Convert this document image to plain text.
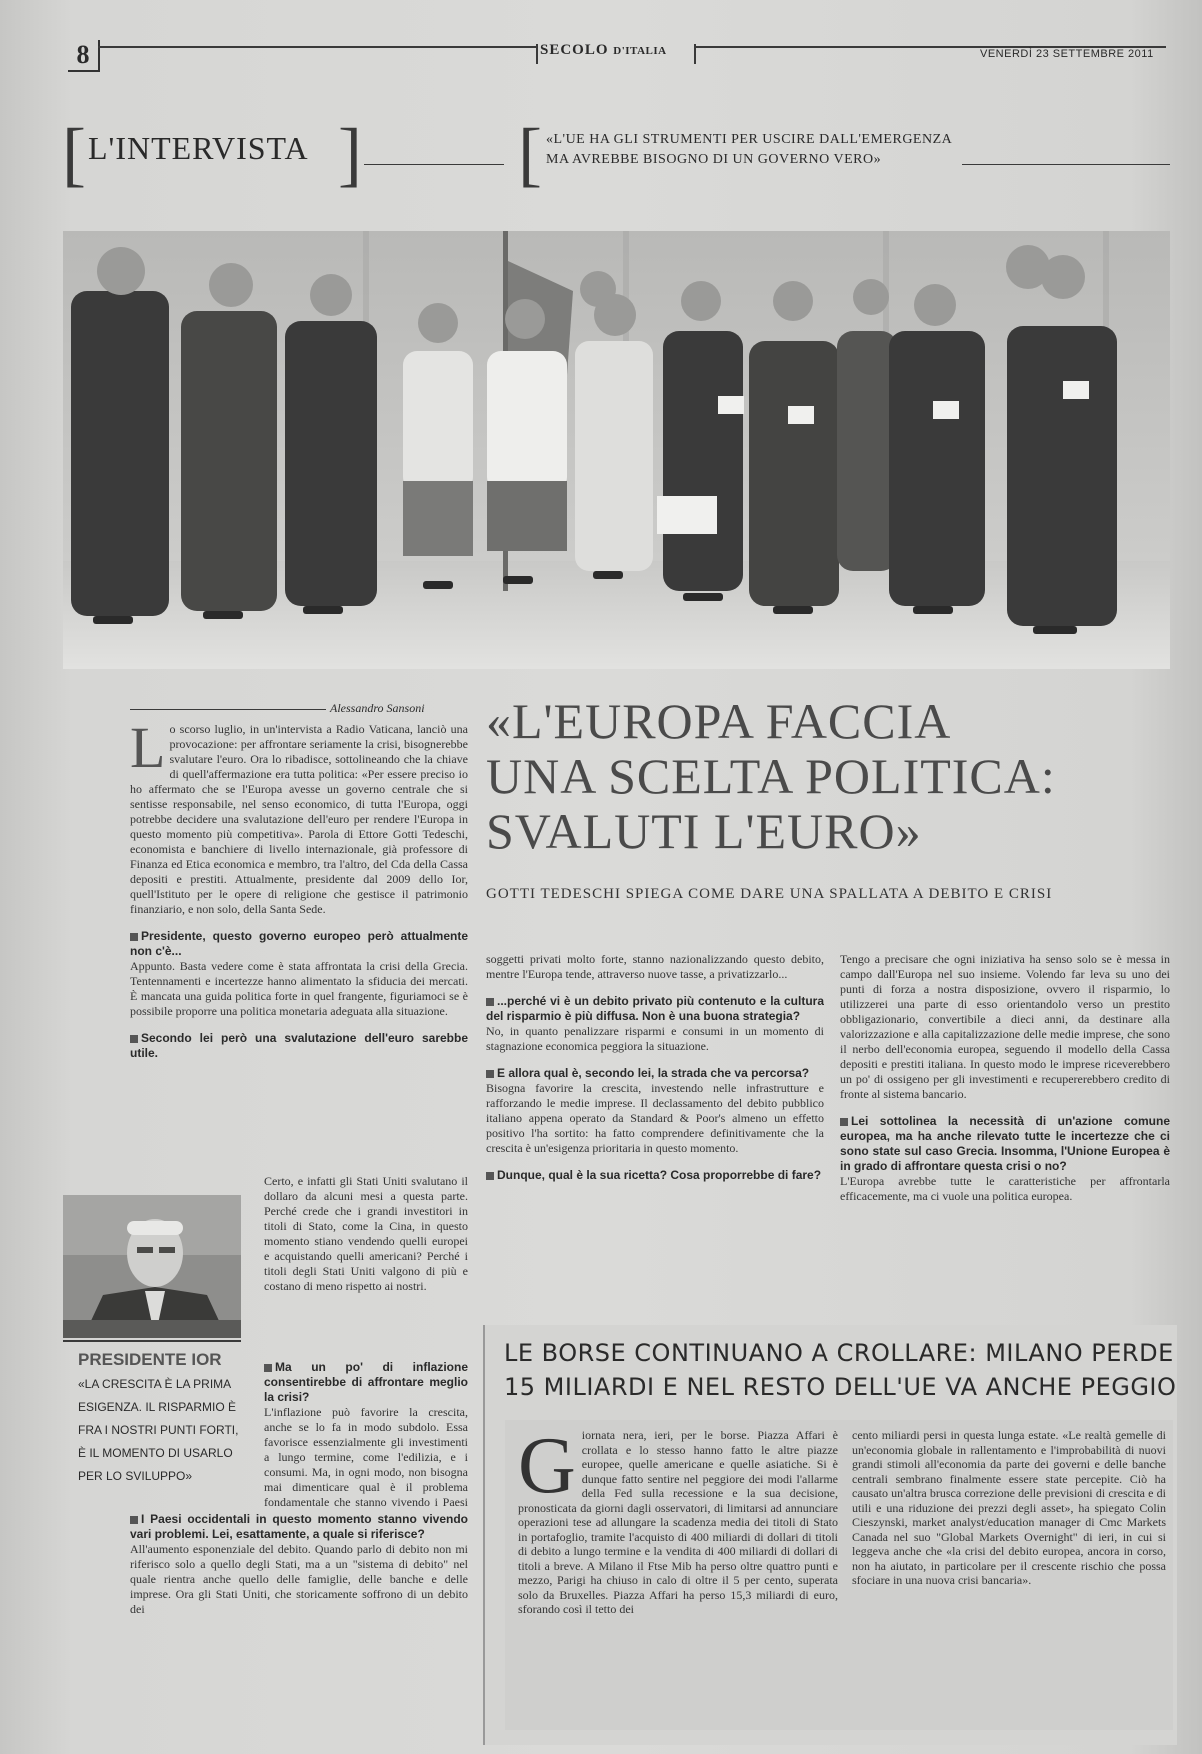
8	SECOLO D'ITALIA	VENERDÌ 23 SETTEMBRE 2011
[ L'INTERVISTA ] [ «L'UE HA GLI STRUMENTI PER USCIRE DALL'EMERGENZA
MA AVREBBE BISOGNO DI UN GOVERNO VERO»
Alessandro Sansoni «L'EUROPA FACCIA
UNA SCELTA POLITICA:
SVALUTI L'EURO»
GOTTI TEDESCHI SPIEGA COME DARE UNA SPALLATA A DEBITO E CRISI
L o scorso luglio, in un'intervista a Radio Vaticana, lanciò una provocazione: per affrontare seriamente la crisi, bisognerebbe svalutare l'euro. Ora lo ribadisce, sottolineando che la chiave di quell'affermazione era tutta politica: «Per essere preciso io ho affermato che se l'Europa avesse un governo centrale che si sentisse responsabile, nel senso economico, di tutta l'Europa, oggi potrebbe decidere una svalutazione dell'euro per rendere l'Europa in questo momento più competitiva». Parola di Ettore Gotti Tedeschi, economista e banchiere di livello internazionale, già professore di Finanza ed Etica economica e membro, tra l'altro, del Cda della Cassa depositi e prestiti. Attualmente, presidente dal 2009 dello Ior, quell'Istituto per le opere di religione che gestisce il patrimonio finanziario, e non solo, della Santa Sede.
Presidente, questo governo europeo però attualmente non c'è...
Appunto. Basta vedere come è stata affrontata la crisi della Grecia. Tentennamenti e incertezze hanno alimentato la sfiducia dei mercati. È mancata una guida politica forte in quel frangente, figuriamoci se è possibile proporre una politica monetaria adeguata alla situazione.
Secondo lei però una svalutazione dell'euro sarebbe utile.
Certo, e infatti gli Stati Uniti svalutano il dollaro da alcuni mesi a questa parte. Perché crede che i grandi investitori in titoli di Stato, come la Cina, in questo momento stiano vendendo quelli europei e acquistando quelli americani? Perché i titoli degli Stati Uniti valgono di più e costano di meno rispetto ai nostri.
Ma un po' di inflazione consentirebbe di affrontare meglio la crisi?
L'inflazione può favorire la crescita, anche se lo fa in modo subdolo. Essa favorisce essenzialmente gli investimenti a lungo termine, come l'edilizia, e i consumi. Ma, in ogni modo, non bisogna mai dimenticare qual è il problema fondamentale che stanno vivendo i Paesi
I Paesi occidentali in questo momento stanno vivendo vari problemi. Lei, esattamente, a quale si riferisce?
All'aumento esponenziale del debito. Quando parlo di debito non mi riferisco solo a quello degli Stati, ma a un "sistema di debito" nel quale rientra anche quello delle famiglie, delle banche e delle imprese. Ora gli Stati Uniti, che storicamente soffrono di un debito dei
PRESIDENTE IOR
«LA CRESCITA È LA PRIMA ESIGENZA. IL RISPARMIO È FRA I NOSTRI PUNTI FORTI, È IL MOMENTO DI USARLO PER LO SVILUPPO»
soggetti privati molto forte, stanno nazionalizzando questo debito, mentre l'Europa tende, attraverso nuove tasse, a privatizzarlo...
...perché vi è un debito privato più contenuto e la cultura del risparmio è più diffusa. Non è una buona strategia?
No, in quanto penalizzare risparmi e consumi in un momento di stagnazione economica peggiora la situazione.
E allora qual è, secondo lei, la strada che va percorsa?
Bisogna favorire la crescita, investendo nelle infrastrutture e rafforzando le medie imprese. Il declassamento del debito pubblico italiano appena operato da Standard & Poor's almeno un effetto positivo l'ha sortito: ha fatto comprendere definitivamente che la crescita è un'esigenza prioritaria in questo momento.
Dunque, qual è la sua ricetta? Cosa proporrebbe di fare?
Tengo a precisare che ogni iniziativa ha senso solo se è messa in campo dall'Europa nel suo insieme. Volendo far leva su uno dei punti di forza a nostra disposizione, ovvero il risparmio, lo utilizzerei una parte di esso orientandolo verso un prestito obbligazionario, convertibile a dieci anni, da destinare alla valorizzazione e alla capitalizzazione delle medie imprese, che sono il nerbo dell'economia europea, seguendo il modello della Cassa depositi e prestiti italiana. In questo modo le imprese riceverebbero un po' di ossigeno per gli investimenti e recupererebbero credito di fronte al sistema bancario.
Lei sottolinea la necessità di un'azione comune europea, ma ha anche rilevato tutte le incertezze che ci sono state sul caso Grecia. Insomma, l'Unione Europea è in grado di affrontare questa crisi o no?
L'Europa avrebbe tutte le caratteristiche per affrontarla efficacemente, ma ci vuole una politica europea.
LE BORSE CONTINUANO A CROLLARE: MILANO PERDE
15 MILIARDI E NEL RESTO DELL'UE VA ANCHE PEGGIO
G iornata nera, ieri, per le borse. Piazza Affari è crollata e lo stesso hanno fatto le altre piazze europee, quelle americane e quelle asiatiche. Si è dunque fatto sentire nel peggiore dei modi l'allarme della Fed sulla recessione e la sua decisione, pronosticata da giorni dagli osservatori, di limitarsi ad annunciare operazioni tese ad allungare la scadenza media dei titoli di Stato in portafoglio, tramite l'acquisto di 400 miliardi di dollari di titoli di debito a lungo termine e la vendita di 400 miliardi di dollari di titoli a breve. A Milano il Ftse Mib ha perso oltre quattro punti e mezzo, Parigi ha chiuso in calo di oltre il 5 per cento, superata solo da Bruxelles. Piazza Affari ha perso 15,3 miliardi di euro, sforando così il tetto dei
cento miliardi persi in questa lunga estate. «Le realtà gemelle di un'economia globale in rallentamento e l'improbabilità di nuovi grandi stimoli all'economia da parte dei governi e delle banche centrali sembrano finalmente essere state percepite. Ciò ha causato un'altra brusca correzione delle previsioni di crescita e di utili e una riduzione dei prezzi degli asset», ha spiegato Colin Cieszynski, market analyst/education manager di Cmc Markets Canada nel suo "Global Markets Overnight" di ieri, in cui si leggeva anche che «la crisi del debito europea, ancora in corso, non ha aiutato, in particolare per il crescente rischio che possa sfociare in una nuova crisi bancaria».
